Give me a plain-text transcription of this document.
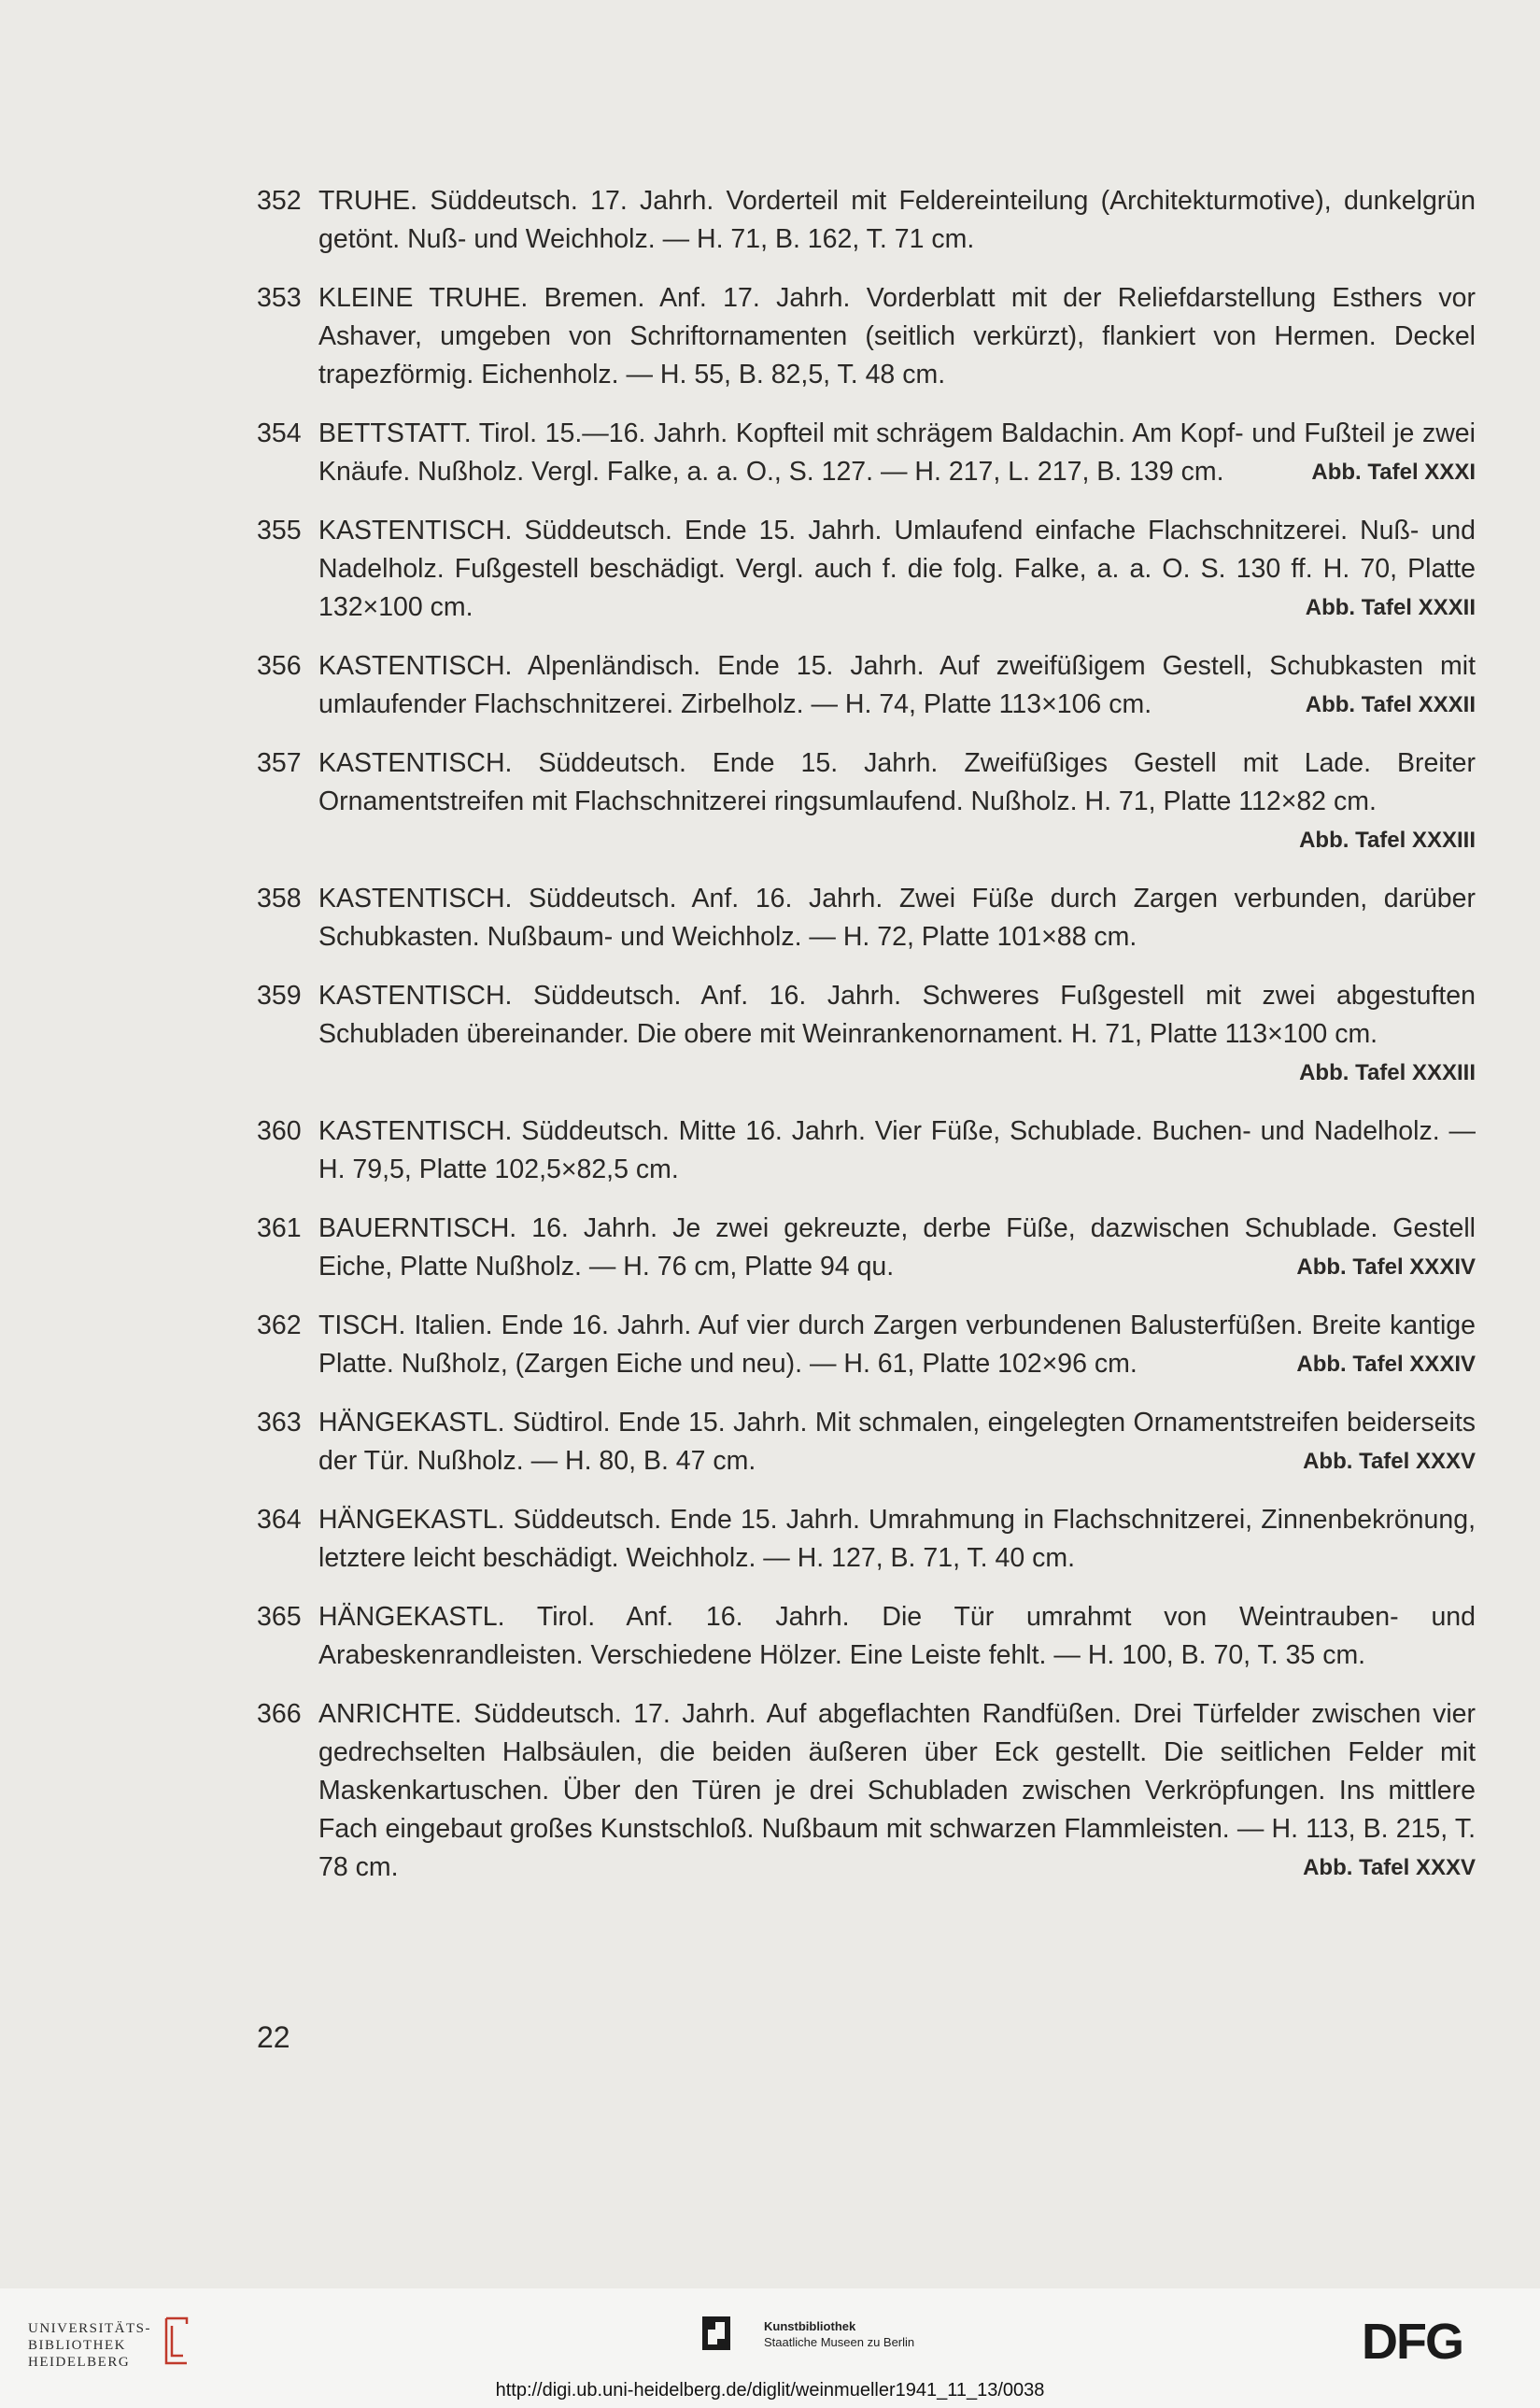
352 TRUHE. Süddeutsch. 17. Jahrh. Vorderteil mit Feldereinteilung (Architekturmotive), dunkelgrün getönt. Nuß- und Weichholz. — H. 71, B. 162, T. 71 cm.
353 KLEINE TRUHE. Bremen. Anf. 17. Jahrh. Vorderblatt mit der Reliefdarstellung Esthers vor Ashaver, umgeben von Schriftornamenten (seitlich verkürzt), flankiert von Hermen. Deckel trapezförmig. Eichenholz. — H. 55, B. 82,5, T. 48 cm.
354 BETTSTATT. Tirol. 15.—16. Jahrh. Kopfteil mit schrägem Baldachin. Am Kopf- und Fußteil je zwei Knäufe. Nußholz. Vergl. Falke, a. a. O., S. 127. — H. 217, L. 217, B. 139 cm.	Abb. Tafel XXXI
355 KASTENTISCH. Süddeutsch. Ende 15. Jahrh. Umlaufend einfache Flachschnitzerei. Nuß- und Nadelholz. Fußgestell beschädigt. Vergl. auch f. die folg. Falke, a. a. O. S. 130 ff. H. 70, Platte 132×100 cm.	Abb. Tafel XXXII
356 KASTENTISCH. Alpenländisch. Ende 15. Jahrh. Auf zweifüßigem Gestell, Schubkasten mit umlaufender Flachschnitzerei. Zirbelholz. — H. 74, Platte 113×106 cm.	Abb. Tafel XXXII
357 KASTENTISCH. Süddeutsch. Ende 15. Jahrh. Zweifüßiges Gestell mit Lade. Breiter Ornamentstreifen mit Flachschnitzerei ringsumlaufend. Nußholz. H. 71, Platte 112×82 cm.
Abb. Tafel XXXIII
358 KASTENTISCH. Süddeutsch. Anf. 16. Jahrh. Zwei Füße durch Zargen verbunden, darüber Schubkasten. Nußbaum- und Weichholz. — H. 72, Platte 101×88 cm.
359 KASTENTISCH. Süddeutsch. Anf. 16. Jahrh. Schweres Fußgestell mit zwei abgestuften Schubladen übereinander. Die obere mit Weinrankenornament. H. 71, Platte 113×100 cm.
Abb. Tafel XXXIII
360 KASTENTISCH. Süddeutsch. Mitte 16. Jahrh. Vier Füße, Schublade. Buchen- und Nadelholz. — H. 79,5, Platte 102,5×82,5 cm.
361 BAUERNTISCH. 16. Jahrh. Je zwei gekreuzte, derbe Füße, dazwischen Schublade. Gestell Eiche, Platte Nußholz. — H. 76 cm, Platte 94 qu.	Abb. Tafel XXXIV
362 TISCH. Italien. Ende 16. Jahrh. Auf vier durch Zargen verbundenen Balusterfüßen. Breite kantige Platte. Nußholz, (Zargen Eiche und neu). — H. 61, Platte 102×96 cm.	Abb. Tafel XXXIV
363 HÄNGEKASTL. Südtirol. Ende 15. Jahrh. Mit schmalen, eingelegten Ornamentstreifen beiderseits der Tür. Nußholz. — H. 80, B. 47 cm.	Abb. Tafel XXXV
364 HÄNGEKASTL. Süddeutsch. Ende 15. Jahrh. Umrahmung in Flachschnitzerei, Zinnenbekrönung, letztere leicht beschädigt. Weichholz. — H. 127, B. 71, T. 40 cm.
365 HÄNGEKASTL. Tirol. Anf. 16. Jahrh. Die Tür umrahmt von Weintrauben- und Arabeskenrandleisten. Verschiedene Hölzer. Eine Leiste fehlt. — H. 100, B. 70, T. 35 cm.
366 ANRICHTE. Süddeutsch. 17. Jahrh. Auf abgeflachten Randfüßen. Drei Türfelder zwischen vier gedrechselten Halbsäulen, die beiden äußeren über Eck gestellt. Die seitlichen Felder mit Maskenkartuschen. Über den Türen je drei Schubladen zwischen Verkröpfungen. Ins mittlere Fach eingebaut großes Kunstschloß. Nußbaum mit schwarzen Flammleisten. — H. 113, B. 215, T. 78 cm.	Abb. Tafel XXXV
22
UNIVERSITÄTS-
BIBLIOTHEK
HEIDELBERG
Kunstbibliothek
Staatliche Museen zu Berlin	DFG
http://digi.ub.uni-heidelberg.de/diglit/weinmueller1941_11_13/0038
